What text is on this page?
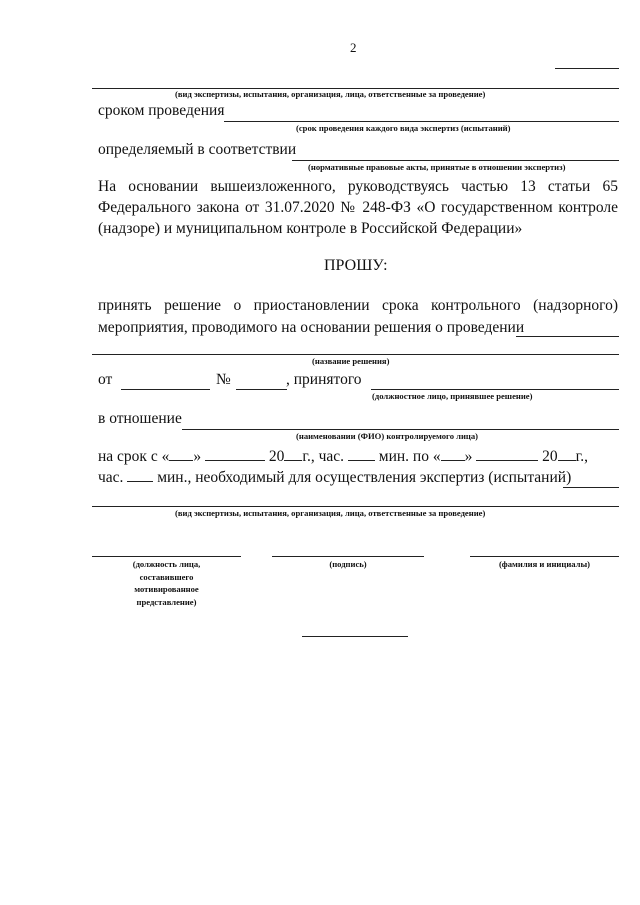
2
(вид экспертизы, испытания, организация, лица, ответственные за проведение)
сроком проведения
(срок проведения каждого вида экспертиз (испытаний)
определяемый в соответствии
(нормативные правовые акты, принятые в отношении экспертиз)
На основании вышеизложенного, руководствуясь частью 13 статьи 65
Федерального закона от 31.07.2020 № 248-ФЗ «О государственном контроле
(надзоре) и муниципальном контроле в Российской Федерации»
ПРОШУ:
принять решение о приостановлении срока контрольного (надзорного)
мероприятия, проводимого на основании решения о проведении
(название решения)
от	№	, принятого
(должностное лицо, принявшее решение)
в отношение
(наименовании (ФИО) контролируемого лица)
на срок с « »	20 г., час. мин. по « »	20 г.,
час. мин., необходимый для осуществления экспертиз (испытаний)
(вид экспертизы, испытания, организация, лица, ответственные за проведение)
(должность лица,
составившего
мотивированное
представление)
(подпись)	(фамилия и инициалы)
